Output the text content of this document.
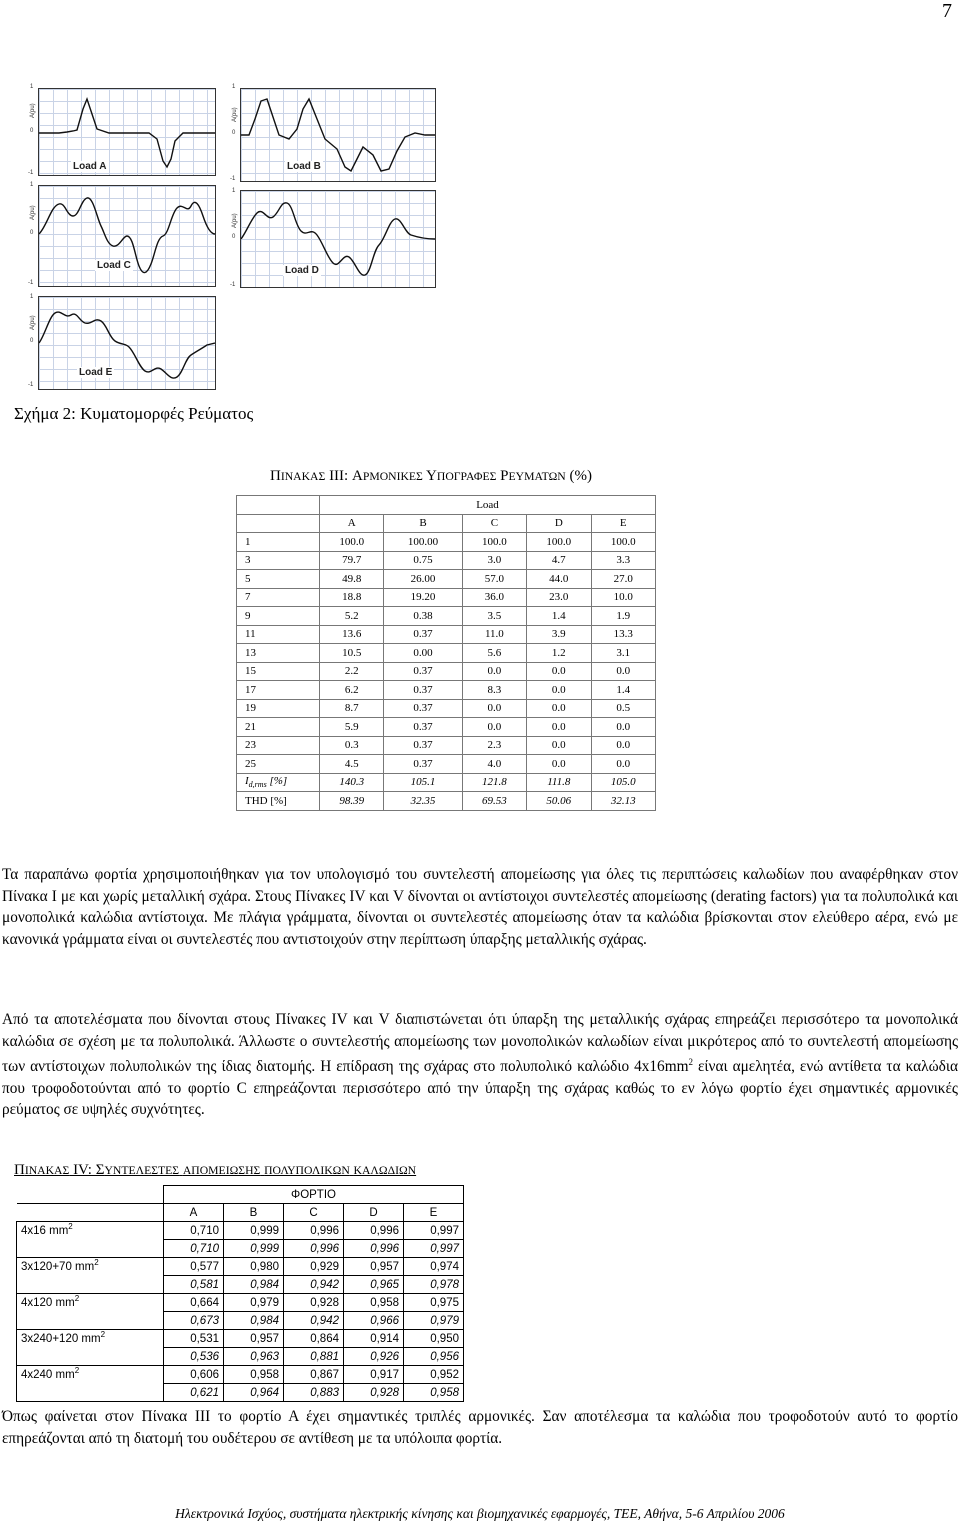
7
Load A
Load C
Load E
Load B
Load D
A(pu)
1
0
-1
A(pu)
1
0
-1
A(pu)
1
0
-1
A(pu)
1
0
-1
A(pu)
1
0
-1
Σχήμα 2: Κυματομορφές Ρεύματος
ΠΙΝΑΚΑΣ III: ΑΡΜΟΝΙΚΕΣ ΥΠΟΓΡΑΦΕΣ ΡΕΥΜΑΤΩΝ (%)
	Load				
	A	B	C	D	E
1	100.0	100.00	100.0	100.0	100.0
3	79.7	0.75	3.0	4.7	3.3
5	49.8	26.00	57.0	44.0	27.0
7	18.8	19.20	36.0	23.0	10.0
9	5.2	0.38	3.5	1.4	1.9
11	13.6	0.37	11.0	3.9	13.3
13	10.5	0.00	5.6	1.2	3.1
15	2.2	0.37	0.0	0.0	0.0
17	6.2	0.37	8.3	0.0	1.4
19	8.7	0.37	0.0	0.0	0.5
21	5.9	0.37	0.0	0.0	0.0
23	0.3	0.37	2.3	0.0	0.0
25	4.5	0.37	4.0	0.0	0.0
$I_{d,rms}$ [%]	140.3	105.1	121.8	111.8	105.0
THD [%]	98.39	32.35	69.53	50.06	32.13
Τα παραπάνω φορτία χρησιμοποιήθηκαν για τον υπολογισμό του συντελεστή απομείωσης για όλες τις περιπτώσεις καλωδίων που αναφέρθηκαν στον Πίνακα Ι με και χωρίς μεταλλική σχάρα. Στους Πίνακες IV και V δίνονται οι αντίστοιχοι συντελεστές απομείωσης (derating factors) για τα πολυπολικά και μονοπολικά καλώδια αντίστοιχα. Με πλάγια γράμματα, δίνονται οι συντελεστές απομείωσης όταν τα καλώδια βρίσκονται στον ελεύθερο αέρα, ενώ με κανονικά γράμματα είναι οι συντελεστές που αντιστοιχούν στην περίπτωση ύπαρξης μεταλλικής σχάρας.
Από τα αποτελέσματα που δίνονται στους Πίνακες IV και V διαπιστώνεται ότι ύπαρξη της μεταλλικής σχάρας επηρεάζει περισσότερο τα μονοπολικά καλώδια σε σχέση με τα πολυπολικά. Άλλωστε ο συντελεστής απομείωσης των μονοπολικών καλωδίων είναι μικρότερος από το συντελεστή απομείωσης των αντίστοιχων πολυπολικών της ίδιας διατομής. Η επίδραση της σχάρας στο πολυπολικό καλώδιο $4x16mm^2$ είναι αμελητέα, ενώ αντίθετα τα καλώδια που τροφοδοτούνται από το φορτίο C επηρεάζονται περισσότερο από την ύπαρξη της σχάρας καθώς το εν λόγω φορτίο έχει σημαντικές αρμονικές ρεύματος σε υψηλές συχνότητες.
ΠΙΝΑΚΑΣ IV: ΣΥΝΤΕΛΕΣΤΕΣ ΑΠΟΜΕΙΩΣΗΣ ΠΟΛΥΠΟΛΙΚΩΝ ΚΑΛΩΔΙΩΝ
	ΦΟΡΤΙΟ				
	A	B	C	D	E
4x16 $mm^2$	0,710	0,999	0,996	0,996	0,997
	0,710	0,999	0,996	0,996	0,997
3x120+70 $mm^2$	0,577	0,980	0,929	0,957	0,974
	0,581	0,984	0,942	0,965	0,978
4x120 $mm^2$	0,664	0,979	0,928	0,958	0,975
	0,673	0,984	0,942	0,966	0,979
3x240+120 $mm^2$	0,531	0,957	0,864	0,914	0,950
	0,536	0,963	0,881	0,926	0,956
4x240 $mm^2$	0,606	0,958	0,867	0,917	0,952
	0,621	0,964	0,883	0,928	0,958
Όπως φαίνεται στον Πίνακα ΙΙΙ το φορτίο Α έχει σημαντικές τριπλές αρμονικές. Σαν αποτέλεσμα τα καλώδια που τροφοδοτούν αυτό το φορτίο επηρεάζονται από τη διατομή του ουδέτερου σε αντίθεση με τα υπόλοιπα φορτία.
Ηλεκτρονικά Ισχύος, συστήματα ηλεκτρικής κίνησης και βιομηχανικές εφαρμογές, ΤΕΕ, Αθήνα, 5-6 Απριλίου 2006
